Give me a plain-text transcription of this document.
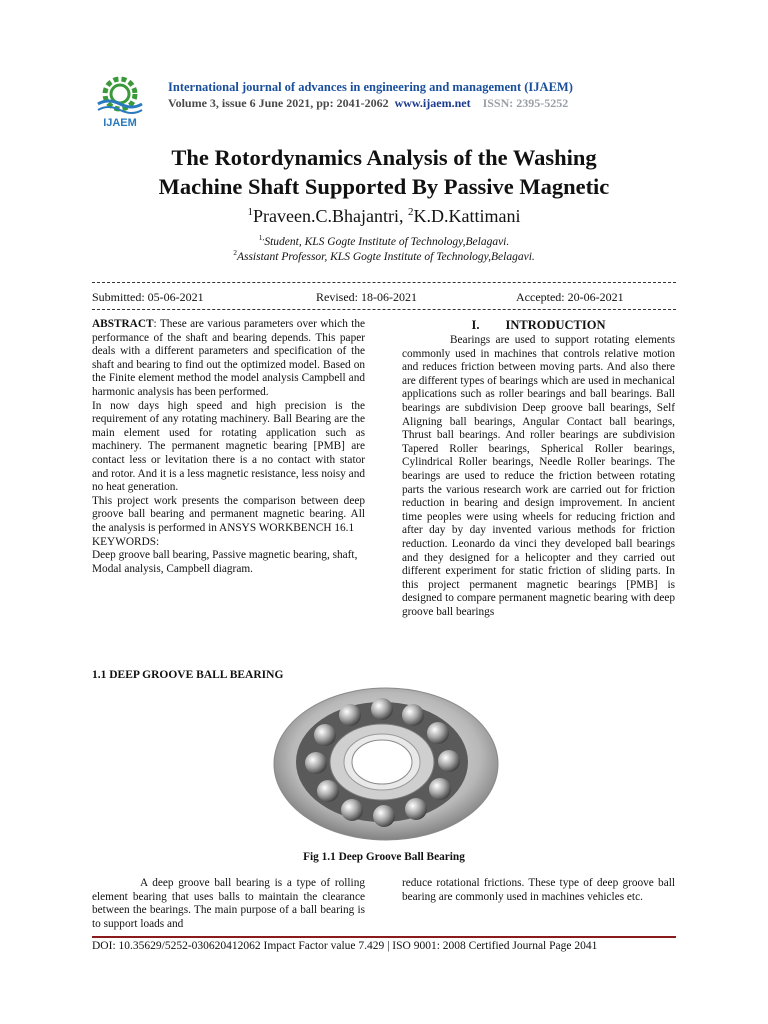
IJAEM
International journal of advances in engineering and management (IJAEM)
Volume 3, issue 6 June 2021, pp: 2041-2062 www.ijaem.net ISSN: 2395-5252
The Rotordynamics Analysis of the Washing
Machine Shaft Supported By Passive Magnetic
$^1$Praveen.C.Bhajantri, $^2$K.D.Kattimani
$^{1,}$Student, KLS Gogte Institute of Technology,Belagavi.
$^2$Assistant Professor, KLS Gogte Institute of Technology,Belagavi.
Submitted: 05-06-2021	Revised: 18-06-2021	Accepted: 20-06-2021

ABSTRACT: These are various parameters over which the performance of the shaft and bearing depends. This paper deals with a different parameters and specification of the shaft and bearing to find out the optimized model. Based on the Finite element method the model analysis Campbell and harmonic analysis has been performed.

In now days high speed and high precision is the requirement of any rotating machinery. Ball Bearing are the main element used for rotating application such as machinery. The permanent magnetic bearing [PMB] are contact less or levitation there is a no contact with stator and rotor. And it is a less magnetic resistance, less noisy and no heat generation.

This project work presents the comparison between deep groove ball bearing and permanent magnetic bearing. All the analysis is performed in ANSYS WORKBENCH 16.1

KEYWORDS:

Deep groove ball bearing, Passive magnetic bearing, shaft, Modal analysis, Campbell diagram.

I. INTRODUCTION

Bearings are used to support rotating elements commonly used in machines that controls relative motion and reduces friction between moving parts. And also there are different types of bearings which are used in mechanical applications such as roller bearings and ball bearings. Ball bearings are subdivision Deep groove ball bearings, Self Aligning ball bearings, Angular Contact ball bearings, Thrust ball bearings. And roller bearings are subdivision Tapered Roller bearings, Spherical Roller bearings, Cylindrical Roller bearings, Needle Roller bearings. The bearings are used to reduce the friction between rotating parts the various research work are carried out for friction reduction in bearing and design improvement. In ancient time peoples were using wheels for reducing friction and after day by day invented various methods for friction reduction. Leonardo da vinci they developed ball bearings and they designed for a helicopter and they carried out different experiment for static friction of sliding parts. In this project permanent magnetic bearings [PMB] is designed to compare permanent magnetic bearing with deep groove ball bearings

1.1 DEEP GROOVE BALL BEARING
Fig 1.1 Deep Groove Ball Bearing

A deep groove ball bearing is a type of rolling element bearing that uses balls to maintain the clearance between the bearings. The main purpose of a ball bearing is to support loads and

reduce rotational frictions. These type of deep groove ball bearing are commonly used in machines vehicles etc.

DOI: 10.35629/5252-030620412062 Impact Factor value 7.429 | ISO 9001: 2008 Certified Journal Page 2041
